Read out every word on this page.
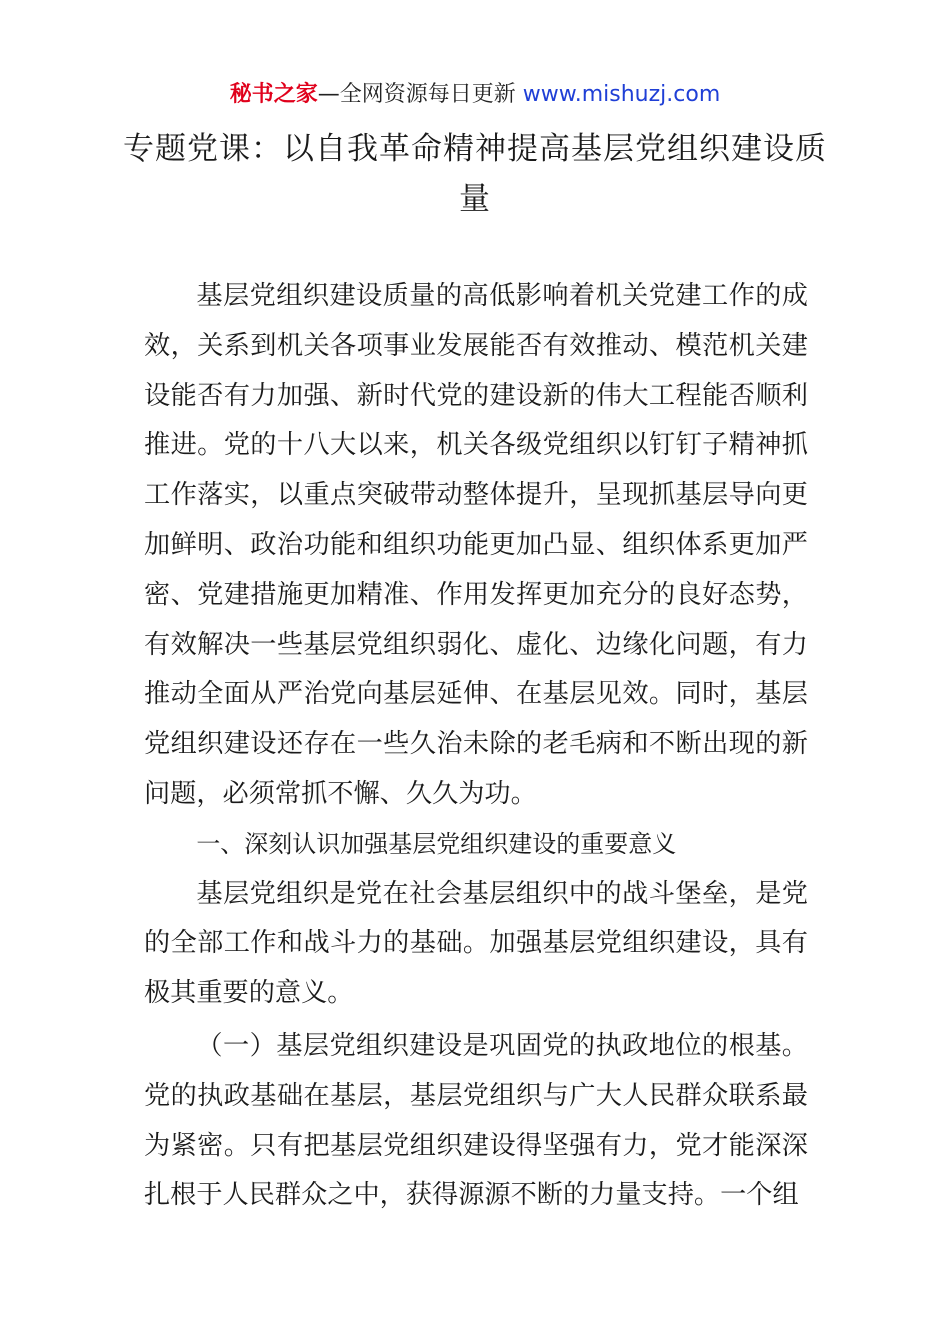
秘书之家—全网资源每日更新 www.mishuzj.com
专题党课：以自我革命精神提高基层党组织建设质量

基层党组织建设质量的高低影响着机关党建工作的成效，关系到机关各项事业发展能否有效推动、模范机关建设能否有力加强、新时代党的建设新的伟大工程能否顺利推进。党的十八大以来，机关各级党组织以钉钉子精神抓工作落实，以重点突破带动整体提升，呈现抓基层导向更加鲜明、政治功能和组织功能更加凸显、组织体系更加严密、党建措施更加精准、作用发挥更加充分的良好态势，有效解决一些基层党组织弱化、虚化、边缘化问题，有力推动全面从严治党向基层延伸、在基层见效。同时，基层党组织建设还存在一些久治未除的老毛病和不断出现的新问题，必须常抓不懈、久久为功。

一、深刻认识加强基层党组织建设的重要意义

基层党组织是党在社会基层组织中的战斗堡垒，是党的全部工作和战斗力的基础。加强基层党组织建设，具有极其重要的意义。

（一）基层党组织建设是巩固党的执政地位的根基。党的执政基础在基层，基层党组织与广大人民群众联系最为紧密。只有把基层党组织建设得坚强有力，党才能深深扎根于人民群众之中，获得源源不断的力量支持。一个组
